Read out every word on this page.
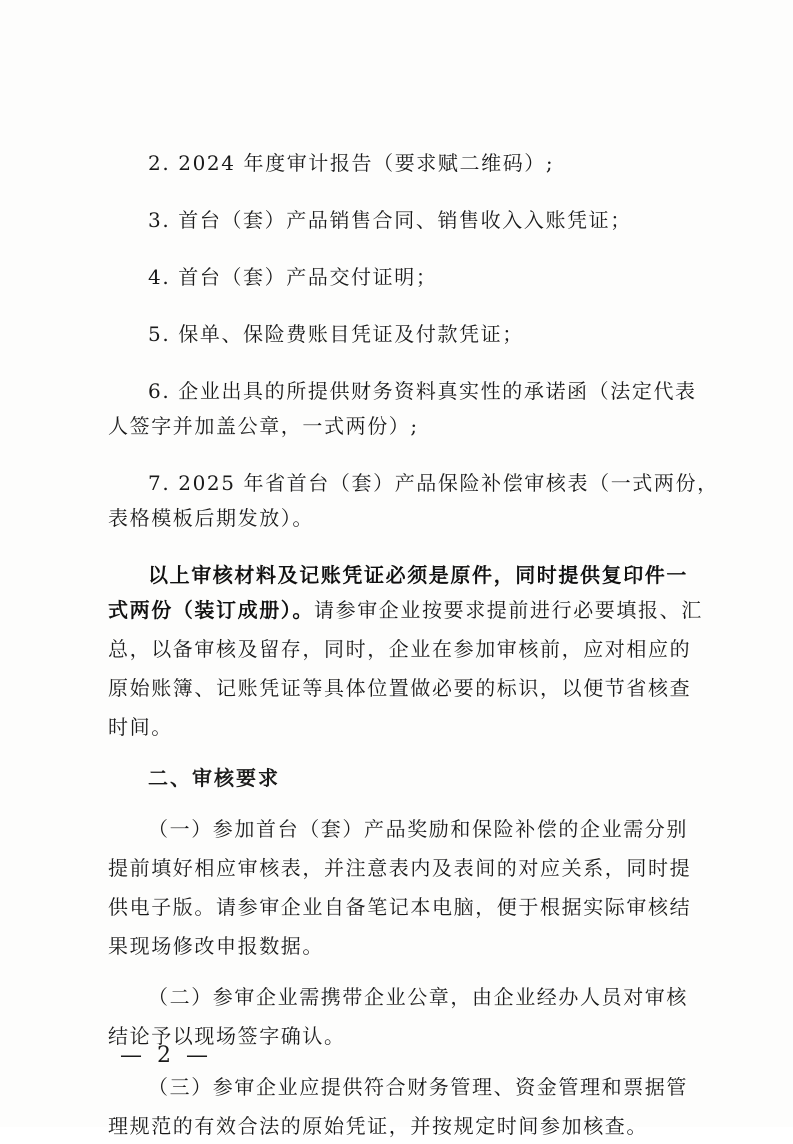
2. 2024 年度审计报告（要求赋二维码）;
3. 首台（套）产品销售合同、销售收入入账凭证；
4. 首台（套）产品交付证明；
5. 保单、保险费账目凭证及付款凭证；
6. 企业出具的所提供财务资料真实性的承诺函（法定代表
人签字并加盖公章，一式两份）;
7. 2025 年省首台（套）产品保险补偿审核表（一式两份，
表格模板后期发放）。
以上审核材料及记账凭证必须是原件，同时提供复印件一
式两份（装订成册）。请参审企业按要求提前进行必要填报、汇
总，以备审核及留存，同时，企业在参加审核前，应对相应的
原始账簿、记账凭证等具体位置做必要的标识，以便节省核查
时间。
二、审核要求
（一）参加首台（套）产品奖励和保险补偿的企业需分别
提前填好相应审核表，并注意表内及表间的对应关系，同时提
供电子版。请参审企业自备笔记本电脑，便于根据实际审核结
果现场修改申报数据。
（二）参审企业需携带企业公章，由企业经办人员对审核
结论予以现场签字确认。
（三）参审企业应提供符合财务管理、资金管理和票据管
理规范的有效合法的原始凭证，并按规定时间参加核查。
— 2 —
